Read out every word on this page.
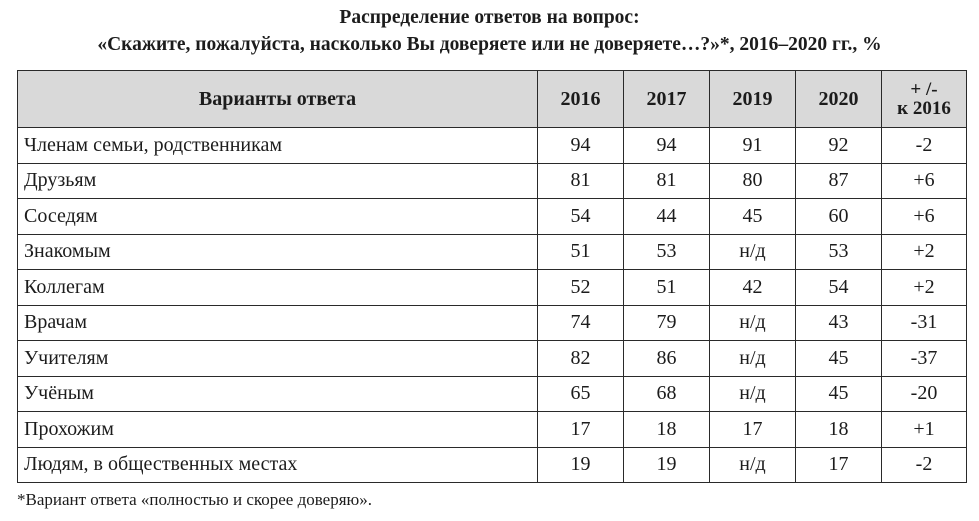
Распределение ответов на вопрос:
«Скажите, пожалуйста, насколько Вы доверяете или не доверяете…?»*, 2016–2020 гг., %
Варианты ответа	2016	2017	2019	2020	+ /-
к 2016

Членам семьи, родственникам	94	94	91	92	-2
Друзьям	81	81	80	87	+6
Соседям	54	44	45	60	+6
Знакомым	51	53	н/д	53	+2
Коллегам	52	51	42	54	+2
Врачам	74	79	н/д	43	-31
Учителям	82	86	н/д	45	-37
Учёным	65	68	н/д	45	-20
Прохожим	17	18	17	18	+1
Людям, в общественных местах	19	19	н/д	17	-2
*Вариант ответа «полностью и скорее доверяю».
